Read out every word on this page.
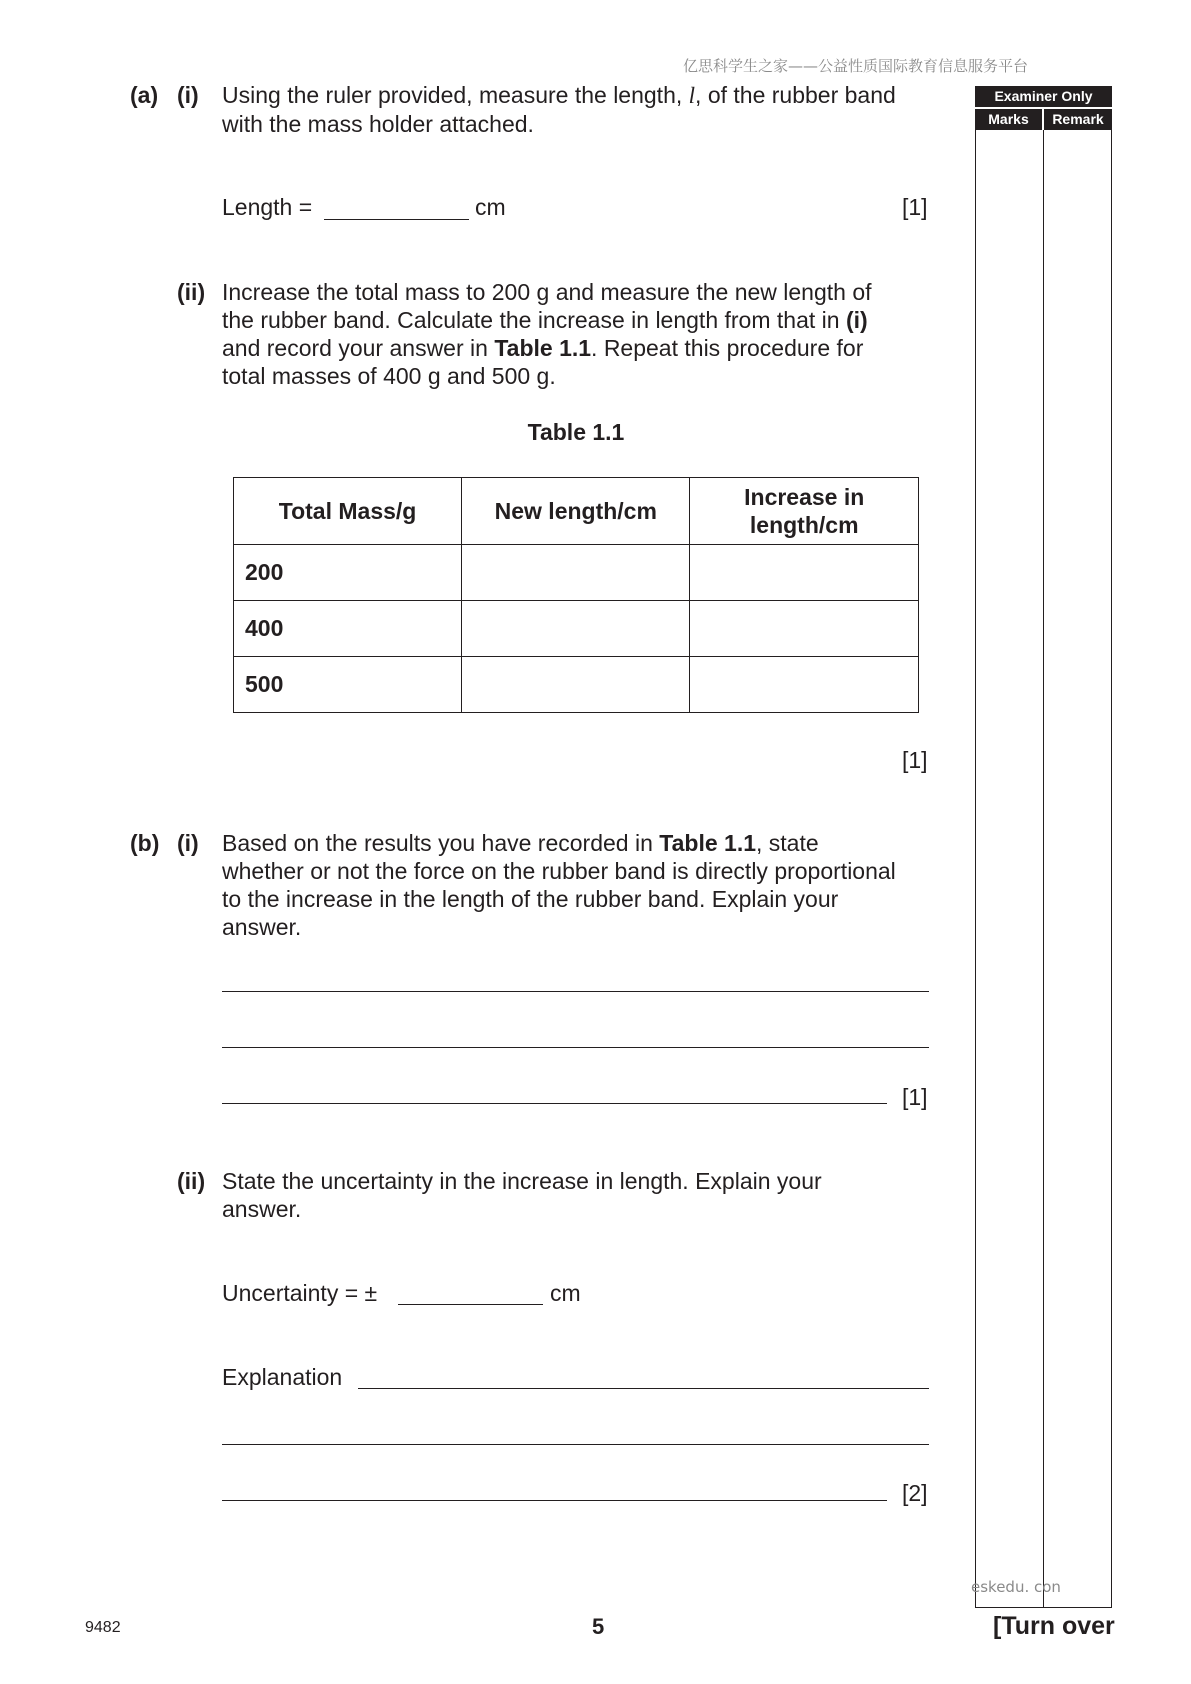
亿思科学生之家——公益性质国际教育信息服务平台
Examiner Only
Marks	Remark
(a) (i) Using the ruler provided, measure the length, l, of the rubber band
with the mass holder attached.
Length =	cm	[1]
(ii) Increase the total mass to 200 g and measure the new length of
the rubber band. Calculate the increase in length from that in (i)
and record your answer in Table 1.1. Repeat this procedure for
total masses of 400 g and 500 g.
Table 1.1
Total Mass/g	New length/cm	Increase in length/cm

200		
400		
500		
[1]
(b) (i) Based on the results you have recorded in Table 1.1, state
whether or not the force on the rubber band is directly proportional
to the increase in the length of the rubber band. Explain your
answer.
[1]
(ii) State the uncertainty in the increase in length. Explain your
answer.
Uncertainty = ±	cm
Explanation
[2]
eskedu. con
9482	5	[Turn over
